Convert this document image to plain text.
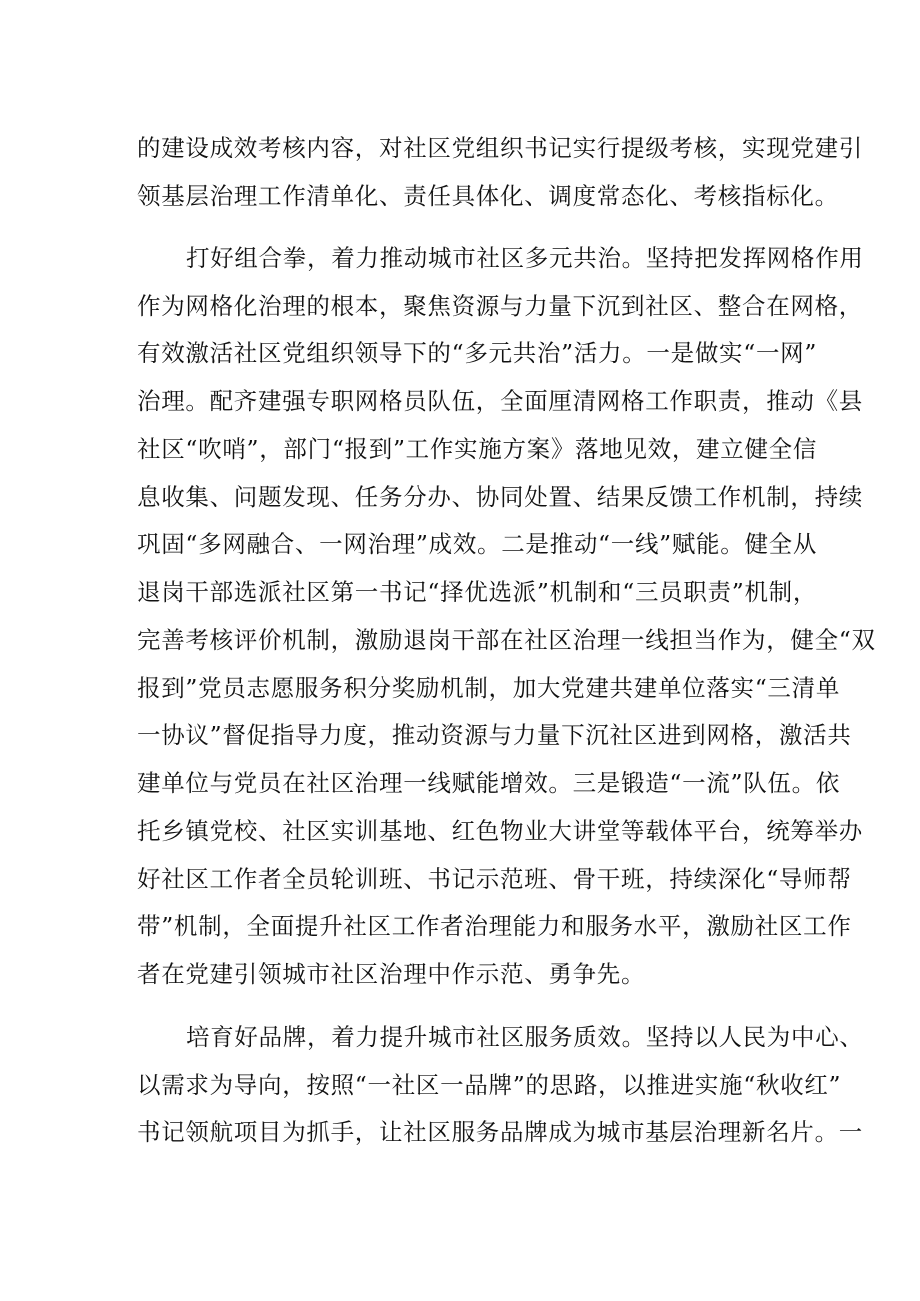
的建设成效考核内容，对社区党组织书记实行提级考核，实现党建引
领基层治理工作清单化、责任具体化、调度常态化、考核指标化。
打好组合拳，着力推动城市社区多元共治。坚持把发挥网格作用
作为网格化治理的根本，聚焦资源与力量下沉到社区、整合在网格，
有效激活社区党组织领导下的“多元共治”活力。一是做实“一网”
治理。配齐建强专职网格员队伍，全面厘清网格工作职责，推动《县
社区“吹哨”，部门“报到”工作实施方案》落地见效，建立健全信
息收集、问题发现、任务分办、协同处置、结果反馈工作机制，持续
巩固“多网融合、一网治理”成效。二是推动“一线”赋能。健全从
退岗干部选派社区第一书记“择优选派”机制和“三员职责”机制，
完善考核评价机制，激励退岗干部在社区治理一线担当作为，健全“双
报到”党员志愿服务积分奖励机制，加大党建共建单位落实“三清单
一协议”督促指导力度，推动资源与力量下沉社区进到网格，激活共
建单位与党员在社区治理一线赋能增效。三是锻造“一流”队伍。依
托乡镇党校、社区实训基地、红色物业大讲堂等载体平台，统筹举办
好社区工作者全员轮训班、书记示范班、骨干班，持续深化“导师帮
带”机制，全面提升社区工作者治理能力和服务水平，激励社区工作
者在党建引领城市社区治理中作示范、勇争先。
培育好品牌，着力提升城市社区服务质效。坚持以人民为中心、
以需求为导向，按照“一社区一品牌”的思路，以推进实施“秋收红”
书记领航项目为抓手，让社区服务品牌成为城市基层治理新名片。一
